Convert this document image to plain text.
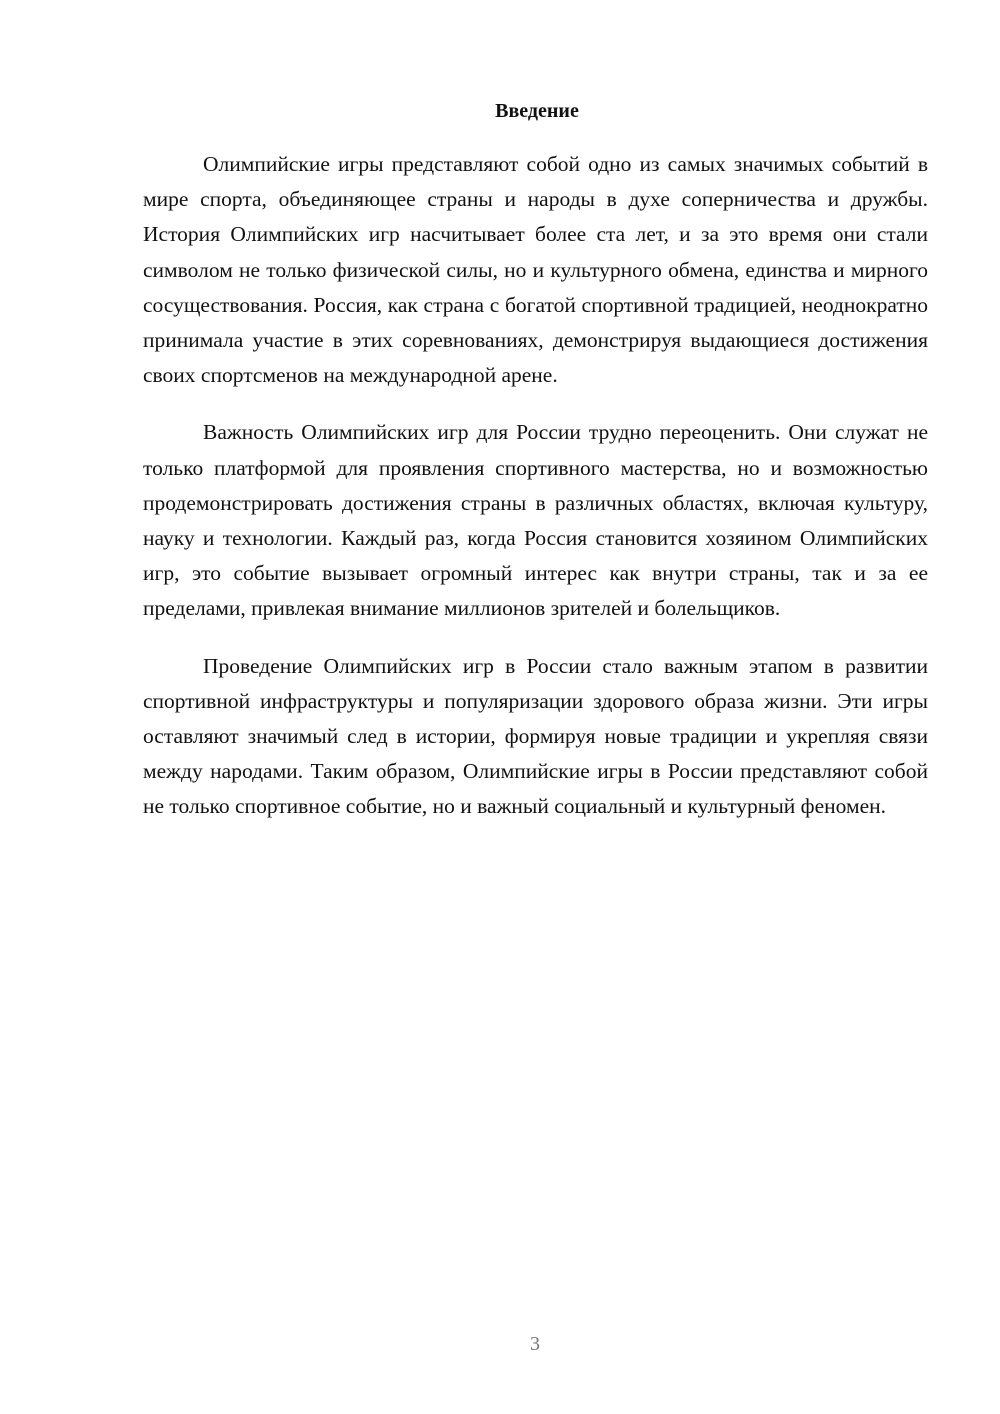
Введение

Олимпийские игры представляют собой одно из самых значимых событий в мире спорта, объединяющее страны и народы в духе соперничества и дружбы. История Олимпийских игр насчитывает более ста лет, и за это время они стали символом не только физической силы, но и культурного обмена, единства и мирного сосуществования. Россия, как страна с богатой спортивной традицией, неоднократно принимала участие в этих соревнованиях, демонстрируя выдающиеся достижения своих спортсменов на международной арене.

Важность Олимпийских игр для России трудно переоценить. Они служат не только платформой для проявления спортивного мастерства, но и возможностью продемонстрировать достижения страны в различных областях, включая культуру, науку и технологии. Каждый раз, когда Россия становится хозяином Олимпийских игр, это событие вызывает огромный интерес как внутри страны, так и за ее пределами, привлекая внимание миллионов зрителей и болельщиков.

Проведение Олимпийских игр в России стало важным этапом в развитии спортивной инфраструктуры и популяризации здорового образа жизни. Эти игры оставляют значимый след в истории, формируя новые традиции и укрепляя связи между народами. Таким образом, Олимпийские игры в России представляют собой не только спортивное событие, но и важный социальный и культурный феномен.

3
